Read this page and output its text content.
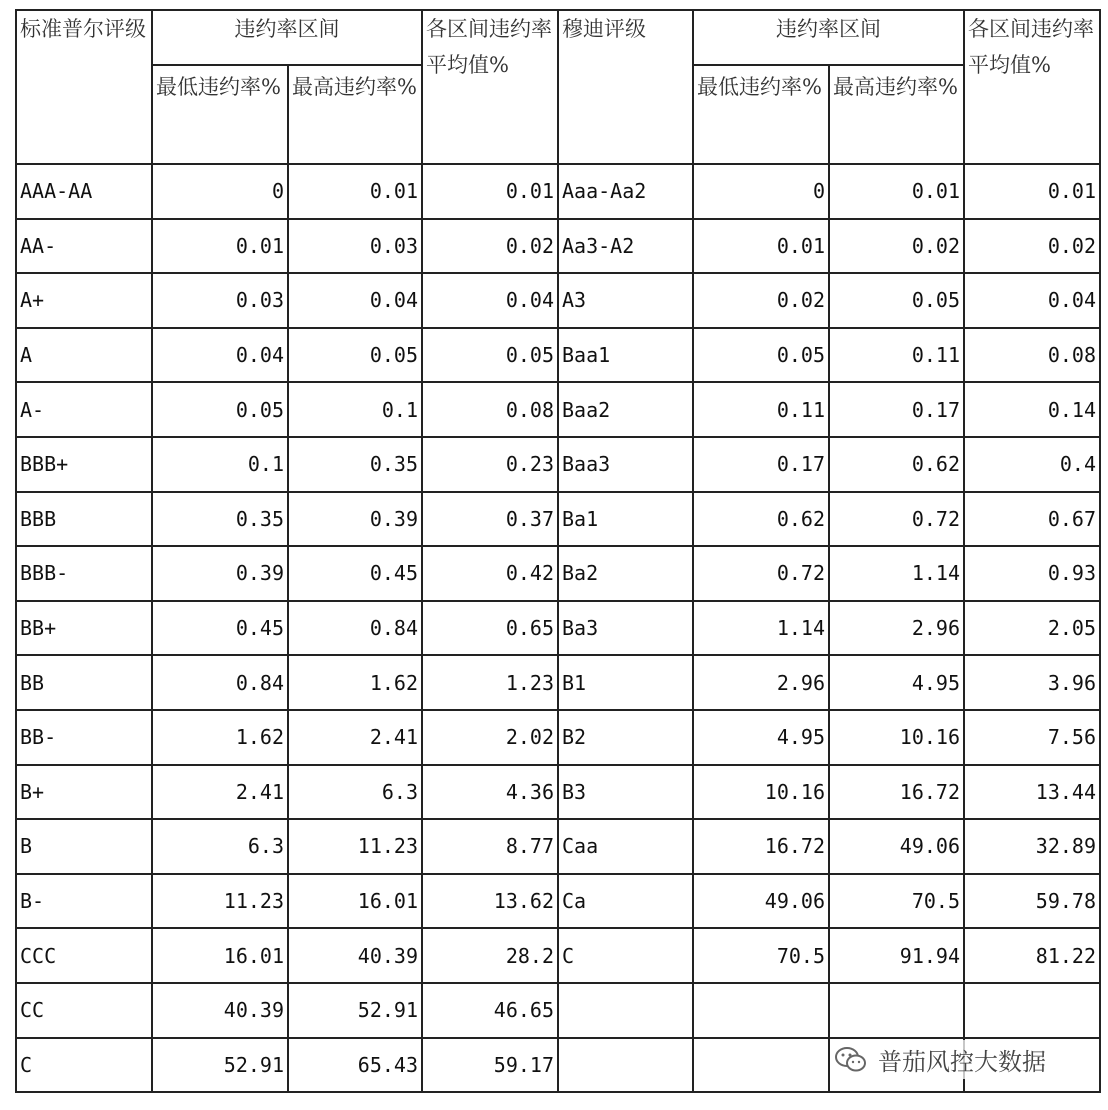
标准普尔评级	违约率区间		各区间违约率平均值%	穆迪评级	违约率区间		各区间违约率平均值%
	最低违约率%	最高违约率%			最低违约率%	最高违约率%	
AAA-AA	0	0.01	0.01	Aaa-Aa2	0	0.01	0.01
AA-	0.01	0.03	0.02	Aa3-A2	0.01	0.02	0.02
A+	0.03	0.04	0.04	A3	0.02	0.05	0.04
A	0.04	0.05	0.05	Baa1	0.05	0.11	0.08
A-	0.05	0.1	0.08	Baa2	0.11	0.17	0.14
BBB+	0.1	0.35	0.23	Baa3	0.17	0.62	0.4
BBB	0.35	0.39	0.37	Ba1	0.62	0.72	0.67
BBB-	0.39	0.45	0.42	Ba2	0.72	1.14	0.93
BB+	0.45	0.84	0.65	Ba3	1.14	2.96	2.05
BB	0.84	1.62	1.23	B1	2.96	4.95	3.96
BB-	1.62	2.41	2.02	B2	4.95	10.16	7.56
B+	2.41	6.3	4.36	B3	10.16	16.72	13.44
B	6.3	11.23	8.77	Caa	16.72	49.06	32.89
B-	11.23	16.01	13.62	Ca	49.06	70.5	59.78
CCC	16.01	40.39	28.2	C	70.5	91.94	81.22
CC	40.39	52.91	46.65				
C	52.91	65.43	59.17					普茄风控大数据
